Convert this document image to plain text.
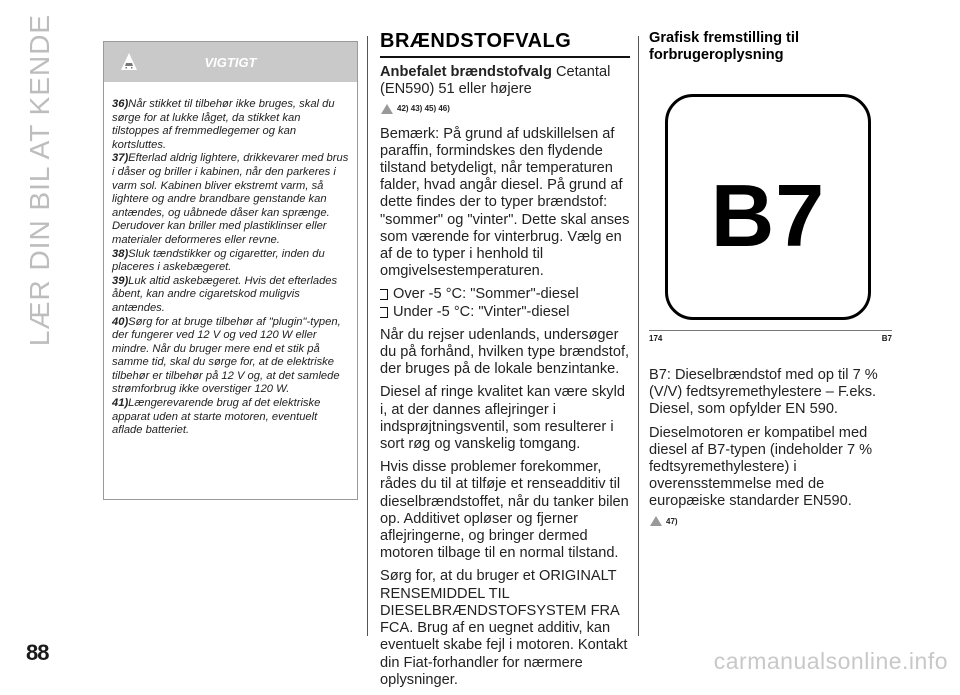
LÆR DIN BIL AT KENDE	VIGTIGT

36)Når stikket til tilbehør ikke bruges, skal du sørge for at lukke låget, da stikket kan tilstoppes af fremmedlegemer og kan kortsluttes.

37)Efterlad aldrig lightere, drikkevarer med brus i dåser og briller i kabinen, når den parkeres i varm sol. Kabinen bliver ekstremt varm, så lightere og andre brandbare genstande kan antændes, og uåbnede dåser kan sprænge. Derudover kan briller med plastiklinser eller materialer deformeres eller revne.

38)Sluk tændstikker og cigaretter, inden du placeres i askebægeret.

39)Luk altid askebægeret. Hvis det efterlades åbent, kan andre cigaretskod muligvis antændes.

40)Sørg for at bruge tilbehør af "plugin"-typen, der fungerer ved 12 V og ved 120 W eller mindre. Når du bruger mere end et stik på samme tid, skal du sørge for, at de elektriske tilbehør er tilbehør på 12 V og, at det samlede strømforbrug ikke overstiger 120 W.

41)Længerevarende brug af det elektriske apparat uden at starte motoren, eventuelt aflade batteriet.

BRÆNDSTOFVALG

Anbefalet brændstofvalg Cetantal (EN590) 51 eller højere

42) 43) 45) 46)

Bemærk: På grund af udskillelsen af paraffin, formindskes den flydende tilstand betydeligt, når temperaturen falder, hvad angår diesel. På grund af dette findes der to typer brændstof: "sommer" og "vinter". Dette skal anses som værende for vinterbrug. Vælg en af de to typer i henhold til omgivelsestemperaturen.

Over -5 °C: "Sommer"-diesel
Under -5 °C: "Vinter"-diesel

Når du rejser udenlands, undersøger du på forhånd, hvilken type brændstof, der bruges på de lokale benzintanke.

Diesel af ringe kvalitet kan være skyld i, at der dannes aflejringer i indsprøjtningsventil, som resulterer i sort røg og vanskelig tomgang.

Hvis disse problemer forekommer, rådes du til at tilføje et renseadditiv til dieselbrændstoffet, når du tanker bilen op. Additivet opløser og fjerner aflejringerne, og bringer dermed motoren tilbage til en normal tilstand.

Sørg for, at du bruger et ORIGINALT RENSEMIDDEL TIL DIESELBRÆNDSTOFSYSTEM FRA FCA. Brug af en uegnet additiv, kan eventuelt skabe fejl i motoren. Kontakt din Fiat-forhandler for nærmere oplysninger.

Grafisk fremstilling til forbrugeroplysning
B7
174	B7

B7: Dieselbrændstof med op til 7 % (V/V) fedtsyremethylestere – F.eks. Diesel, som opfylder EN 590.

Dieselmotoren er kompatibel med diesel af B7-typen (indeholder 7 % fedtsyremethylestere) i overensstemmelse med de europæiske standarder EN590.

47)
88	carmanualsonline.info
